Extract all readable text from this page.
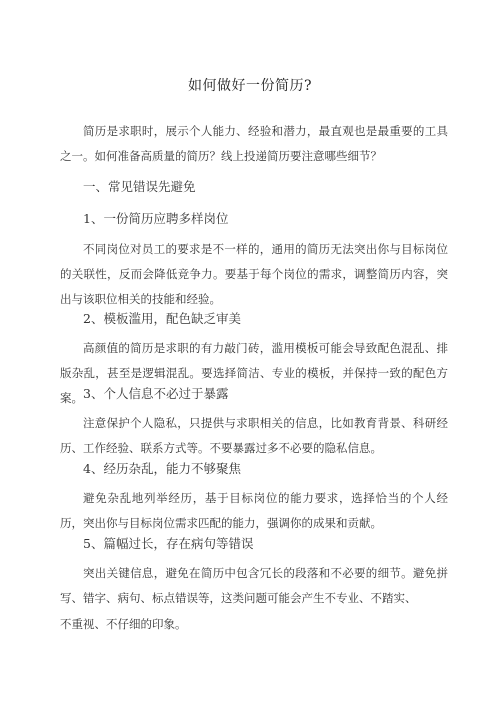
如何做好一份简历?
简历是求职时，展示个人能力、经验和潜力，最直观也是最重要的工具之一。如何准备高质量的简历？线上投递简历要注意哪些细节？
一、常见错误先避免
1、一份简历应聘多样岗位
不同岗位对员工的要求是不一样的，通用的简历无法突出你与目标岗位的关联性，反而会降低竞争力。要基于每个岗位的需求，调整简历内容，突出与该职位相关的技能和经验。
2、模板滥用，配色缺乏审美
高颜值的简历是求职的有力敲门砖，滥用模板可能会导致配色混乱、排版杂乱，甚至是逻辑混乱。要选择简洁、专业的模板，并保持一致的配色方案。 3、个人信息不必过于暴露
注意保护个人隐私，只提供与求职相关的信息，比如教育背景、科研经历、工作经验、联系方式等。不要暴露过多不必要的隐私信息。
4、经历杂乱，能力不够聚焦
避免杂乱地列举经历，基于目标岗位的能力要求，选择恰当的个人经历，突出你与目标岗位需求匹配的能力，强调你的成果和贡献。
5、篇幅过长，存在病句等错误
突出关键信息，避免在简历中包含冗长的段落和不必要的细节。避免拼写、错字、病句、标点错误等，这类问题可能会产生不专业、不踏实、
不重视、不仔细的印象。
